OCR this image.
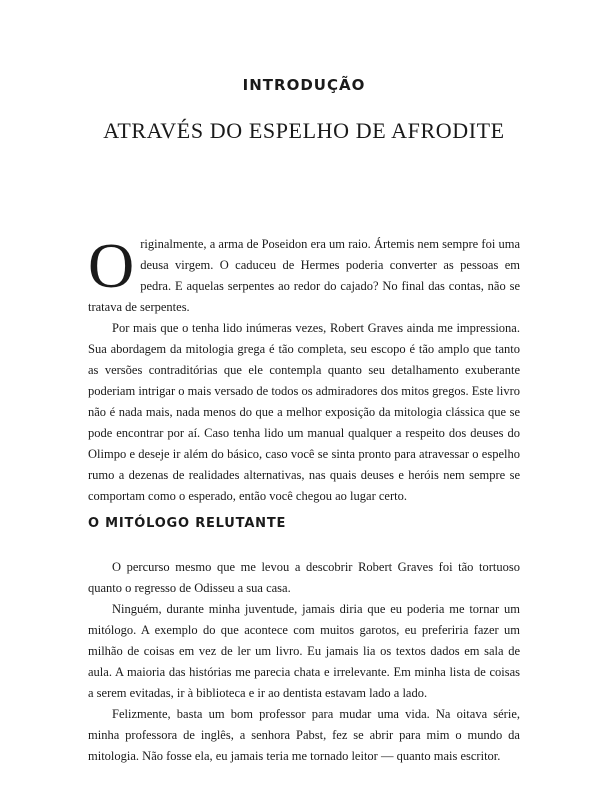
INTRODUÇÃO
ATRAVÉS DO ESPELHO DE AFRODITE

Originalmente, a arma de Poseidon era um raio. Ártemis nem sempre foi uma deusa virgem. O caduceu de Hermes poderia converter as pessoas em pedra. E aquelas serpentes ao redor do cajado? No final das contas, não se tratava de serpentes.

Por mais que o tenha lido inúmeras vezes, Robert Graves ainda me impressiona. Sua abordagem da mitologia grega é tão completa, seu escopo é tão amplo que tanto as versões contraditórias que ele contempla quanto seu detalhamento exuberante poderiam intrigar o mais versado de todos os admiradores dos mitos gregos. Este livro não é nada mais, nada menos do que a melhor exposição da mitologia clássica que se pode encontrar por aí. Caso tenha lido um manual qualquer a respeito dos deuses do Olimpo e deseje ir além do básico, caso você se sinta pronto para atravessar o espelho rumo a dezenas de realidades alternativas, nas quais deuses e heróis nem sempre se comportam como o esperado, então você chegou ao lugar certo.

O MITÓLOGO RELUTANTE

O percurso mesmo que me levou a descobrir Robert Graves foi tão tortuoso quanto o regresso de Odisseu a sua casa.

Ninguém, durante minha juventude, jamais diria que eu poderia me tornar um mitólogo. A exemplo do que acontece com muitos garotos, eu preferiria fazer um milhão de coisas em vez de ler um livro. Eu jamais lia os textos dados em sala de aula. A maioria das histórias me parecia chata e irrelevante. Em minha lista de coisas a serem evitadas, ir à biblioteca e ir ao dentista estavam lado a lado.

Felizmente, basta um bom professor para mudar uma vida. Na oitava série, minha professora de inglês, a senhora Pabst, fez se abrir para mim o mundo da mitologia. Não fosse ela, eu jamais teria me tornado leitor — quanto mais escritor.
